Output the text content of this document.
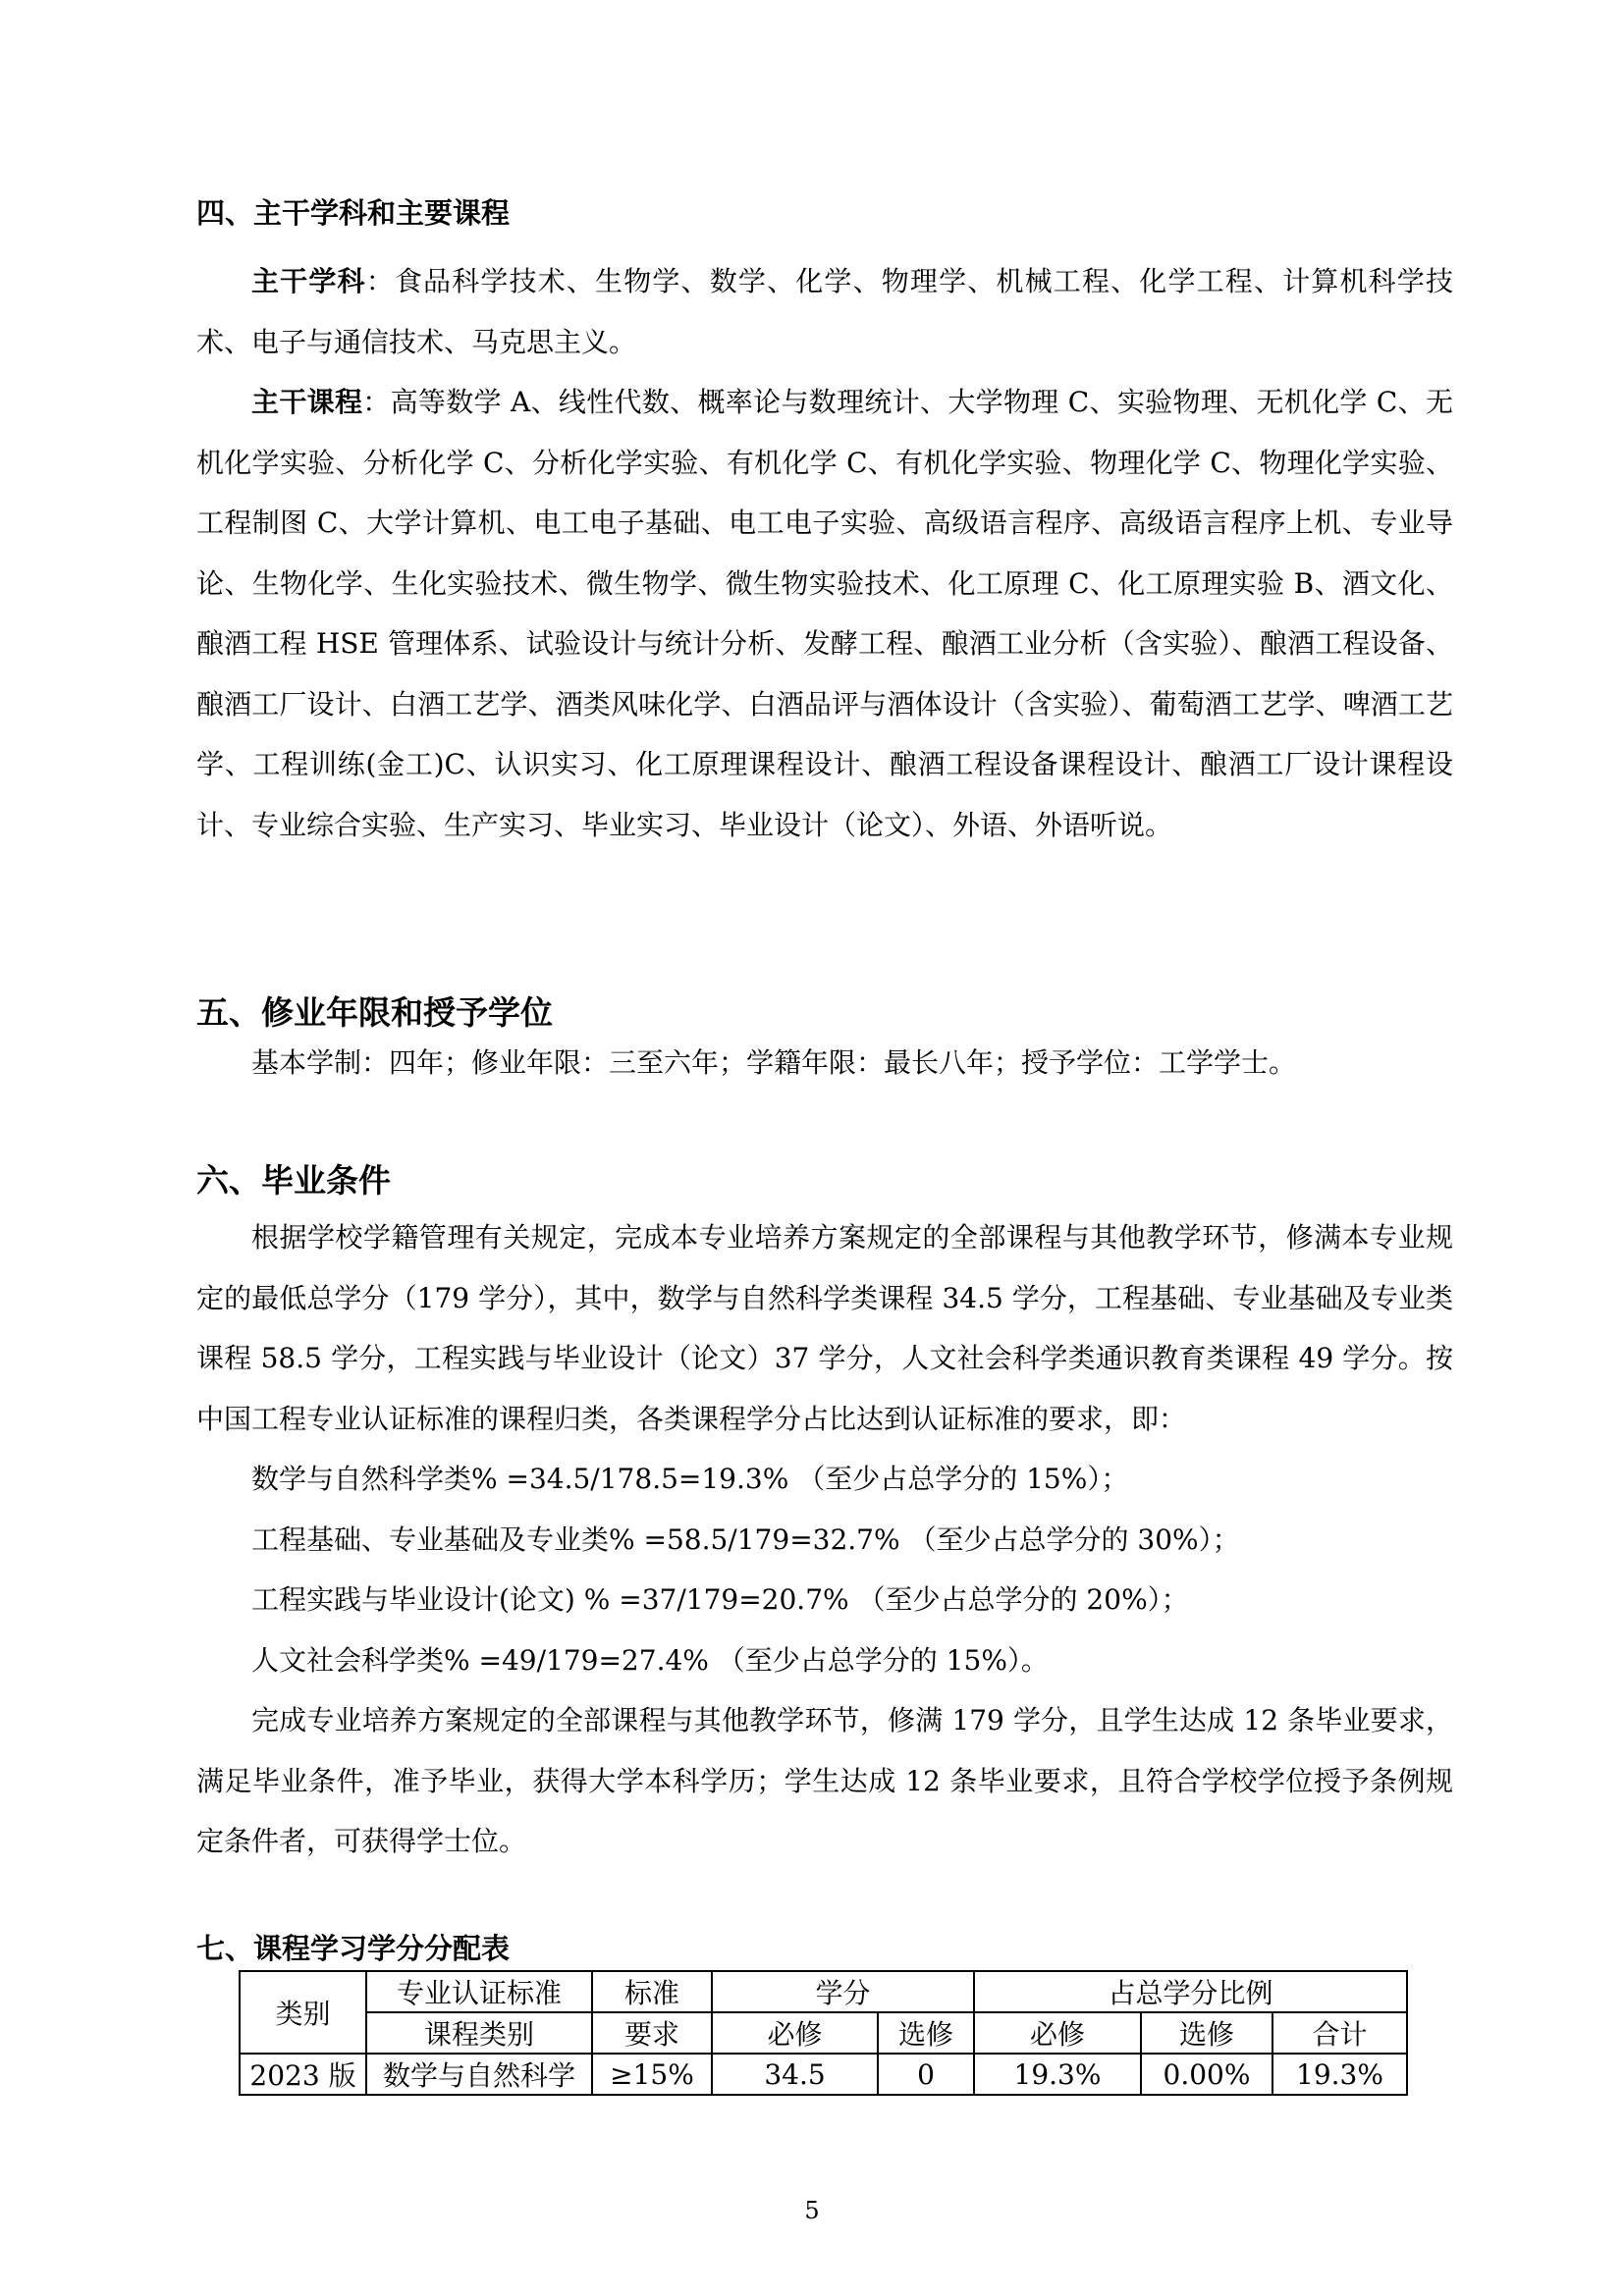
四、主干学科和主要课程

主干学科：食品科学技术、生物学、数学、化学、物理学、机械工程、化学工程、计算机科学技术、电子与通信技术、马克思主义。

主干课程：高等数学 A、线性代数、概率论与数理统计、大学物理 C、实验物理、无机化学 C、无机化学实验、分析化学 C、分析化学实验、有机化学 C、有机化学实验、物理化学 C、物理化学实验、工程制图 C、大学计算机、电工电子基础、电工电子实验、高级语言程序、高级语言程序上机、专业导论、生物化学、生化实验技术、微生物学、微生物实验技术、化工原理 C、化工原理实验 B、酒文化、酿酒工程 HSE 管理体系、试验设计与统计分析、发酵工程、酿酒工业分析（含实验）、酿酒工程设备、酿酒工厂设计、白酒工艺学、酒类风味化学、白酒品评与酒体设计（含实验）、葡萄酒工艺学、啤酒工艺学、工程训练(金工)C、认识实习、化工原理课程设计、酿酒工程设备课程设计、酿酒工厂设计课程设计、专业综合实验、生产实习、毕业实习、毕业设计（论文）、外语、外语听说。

五、修业年限和授予学位

基本学制：四年；修业年限：三至六年；学籍年限：最长八年；授予学位：工学学士。

六、毕业条件

根据学校学籍管理有关规定，完成本专业培养方案规定的全部课程与其他教学环节，修满本专业规定的最低总学分（179 学分），其中，数学与自然科学类课程 34.5 学分，工程基础、专业基础及专业类课程 58.5 学分，工程实践与毕业设计（论文）37 学分，人文社会科学类通识教育类课程 49 学分。按中国工程专业认证标准的课程归类，各类课程学分占比达到认证标准的要求，即：

数学与自然科学类% =34.5/178.5=19.3% （至少占总学分的 15%）；
工程基础、专业基础及专业类% =58.5/179=32.7% （至少占总学分的 30%）；
工程实践与毕业设计(论文) % =37/179=20.7% （至少占总学分的 20%）；
人文社会科学类% =49/179=27.4% （至少占总学分的 15%）。

完成专业培养方案规定的全部课程与其他教学环节，修满 179 学分，且学生达成 12 条毕业要求，满足毕业条件，准予毕业，获得大学本科学历；学生达成 12 条毕业要求，且符合学校学位授予条例规定条件者，可获得学士位。

七、课程学习学分分配表
类别	专业认证标准	标准	学分		占总学分比例		
	课程类别	要求	必修	选修	必修	选修	合计
2023 版	数学与自然科学	≥15%	34.5	0	19.3%	0.00%	19.3%
5
